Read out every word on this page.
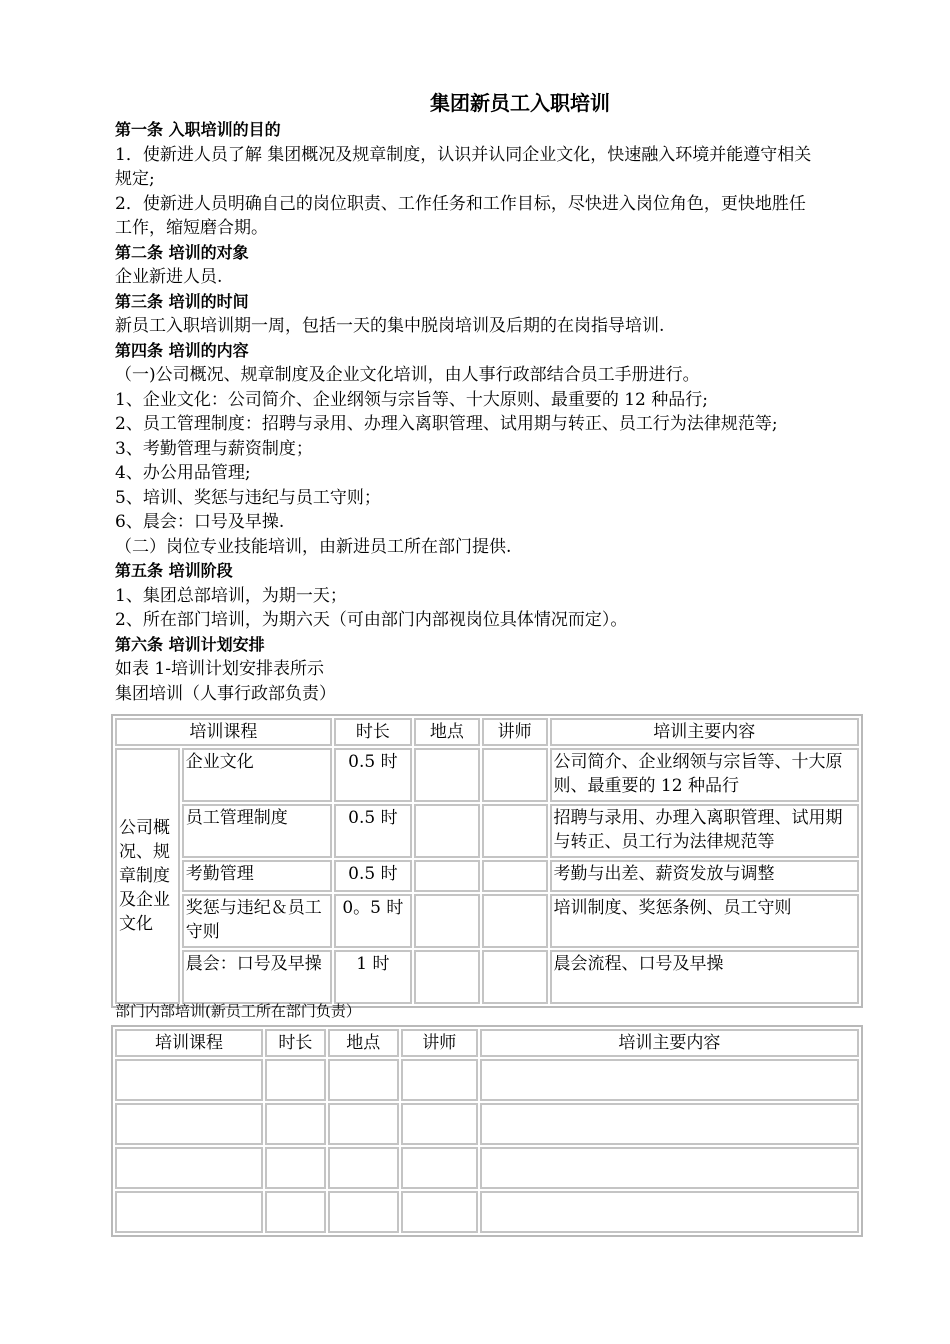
集团新员工入职培训
第一条 入职培训的目的
1．使新进人员了解 集团概况及规章制度，认识并认同企业文化，快速融入环境并能遵守相关
规定;
2．使新进人员明确自己的岗位职责、工作任务和工作目标，尽快进入岗位角色，更快地胜任
工作，缩短磨合期。
第二条 培训的对象
企业新进人员.
第三条 培训的时间
新员工入职培训期一周，包括一天的集中脱岗培训及后期的在岗指导培训.
第四条 培训的内容
（一)公司概况、规章制度及企业文化培训，由人事行政部结合员工手册进行。
1、企业文化：公司简介、企业纲领与宗旨等、十大原则、最重要的 12 种品行;
2、员工管理制度：招聘与录用、办理入离职管理、试用期与转正、员工行为法律规范等;
3、考勤管理与薪资制度；
4、办公用品管理;
5、培训、奖惩与违纪与员工守则；
6、晨会：口号及早操.
（二）岗位专业技能培训，由新进员工所在部门提供.
第五条 培训阶段
1、集团总部培训，为期一天；
2、所在部门培训，为期六天（可由部门内部视岗位具体情况而定）。
第六条 培训计划安排
如表 1-培训计划安排表所示
集团培训（人事行政部负责）
培训课程		时长	地点	讲师	培训主要内容
公司概况、规章制度及企业文化	企业文化	0.5 时			公司简介、企业纲领与宗旨等、十大原则、最重要的 12 种品行
	员工管理制度	0.5 时			招聘与录用、办理入离职管理、试用期与转正、员工行为法律规范等
	考勤管理	0.5 时			考勤与出差、薪资发放与调整
	奖惩与违纪＆员工守则	0。5 时			培训制度、奖惩条例、员工守则
	晨会：口号及早操	1 时			晨会流程、口号及早操
部门内部培训(新员工所在部门负责）
培训课程	时长	地点	讲师	培训主要内容
